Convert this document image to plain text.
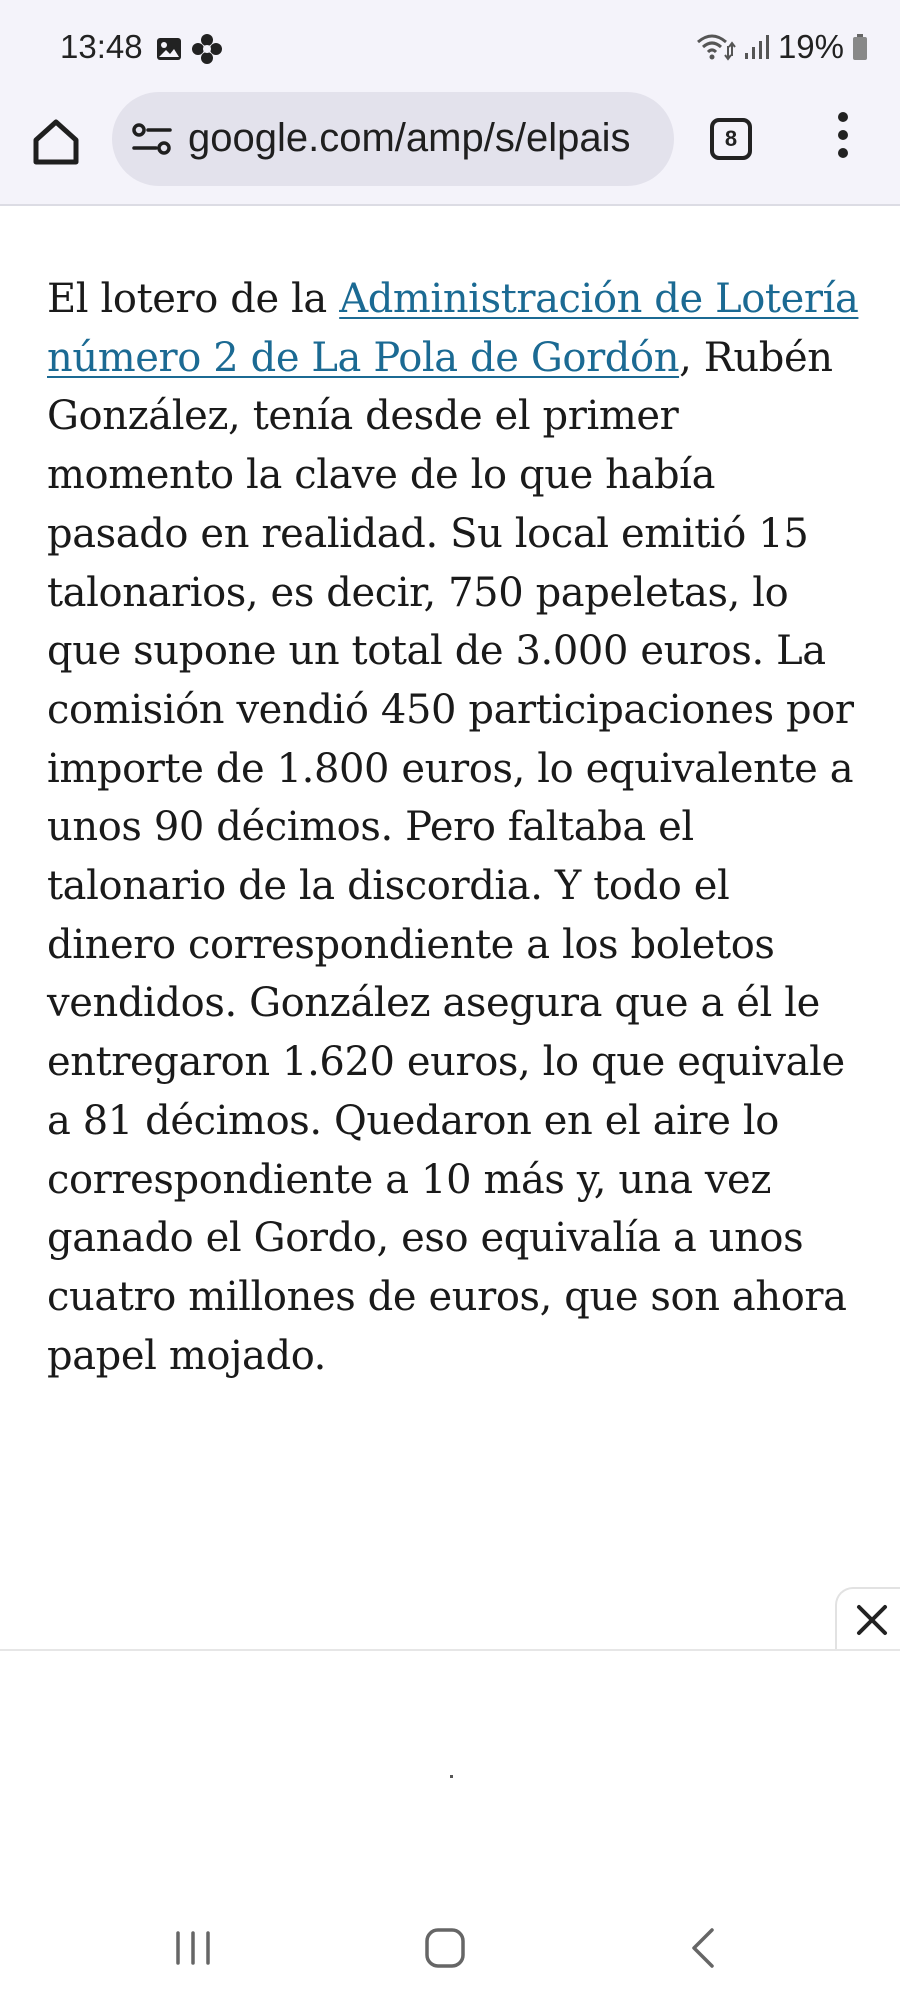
13:48	19%
google.com/amp/s/elpais	8

El lotero de la Administración de Lotería número 2 de La Pola de Gordón, Rubén González, tenía desde el primer momento la clave de lo que había pasado en realidad. Su local emitió 15 talonarios, es decir, 750 papeletas, lo que supone un total de 3.000 euros. La comisión vendió 450 participaciones por importe de 1.800 euros, lo equivalente a unos 90 décimos. Pero faltaba el talonario de la discordia. Y todo el dinero correspondiente a los boletos vendidos. González asegura que a él le entregaron 1.620 euros, lo que equivale a 81 décimos. Quedaron en el aire lo correspondiente a 10 más y, una vez ganado el Gordo, eso equivalía a unos cuatro millones de euros, que son ahora papel mojado.
